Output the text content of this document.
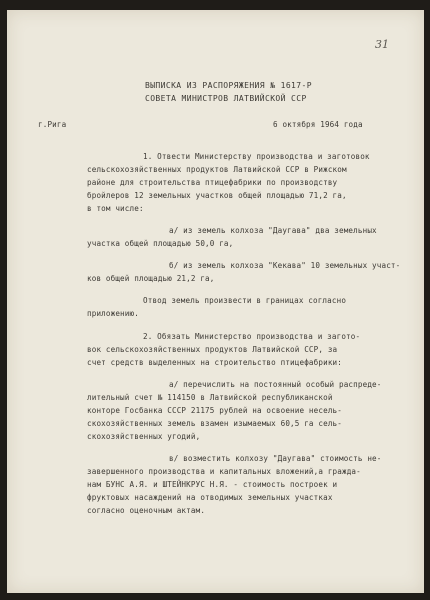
31
ВЫПИСКА ИЗ РАСПОРЯЖЕНИЯ № 1617-Р
СОВЕТА МИНИСТРОВ ЛАТВИЙСКОЙ ССР
г.Рига	6 октября 1964 года
1. Отвести Министерству производства и заготовок
сельскохозяйственных продуктов Латвийской ССР в Рижском
районе для строительства птицефабрики по производству
бройлеров 12 земельных участков общей площадью 71,2 га,
в том числе:
а/ из земель колхоза "Даугава" два земельных
участка общей площадью 50,0 га,
б/ из земель колхоза "Кекава" 10 земельных участ-
ков общей площадью 21,2 га,
Отвод земель произвести в границах согласно
приложению.
2. Обязать Министерство производства и загото-
вок сельскохозяйственных продуктов Латвийской ССР, за
счет средств выделенных на строительство птицефабрики:
а/ перечислить на постоянный особый распреде-
лительный счет № 114150 в Латвийской республиканской
конторе Госбанка СССР 21175 рублей на освоение несель-
скохозяйственных земель взамен изымаемых 60,5 га сель-
скохозяйственных угодий,
в/ возместить колхозу "Даугава" стоимость не-
завершенного производства и капитальных вложений,а гражда-
нам БУНС А.Я. и ШТЕЙНКРУС Н.Я. - стоимость построек и
фруктовых насаждений на отводимых земельных участках
согласно оценочным актам.
